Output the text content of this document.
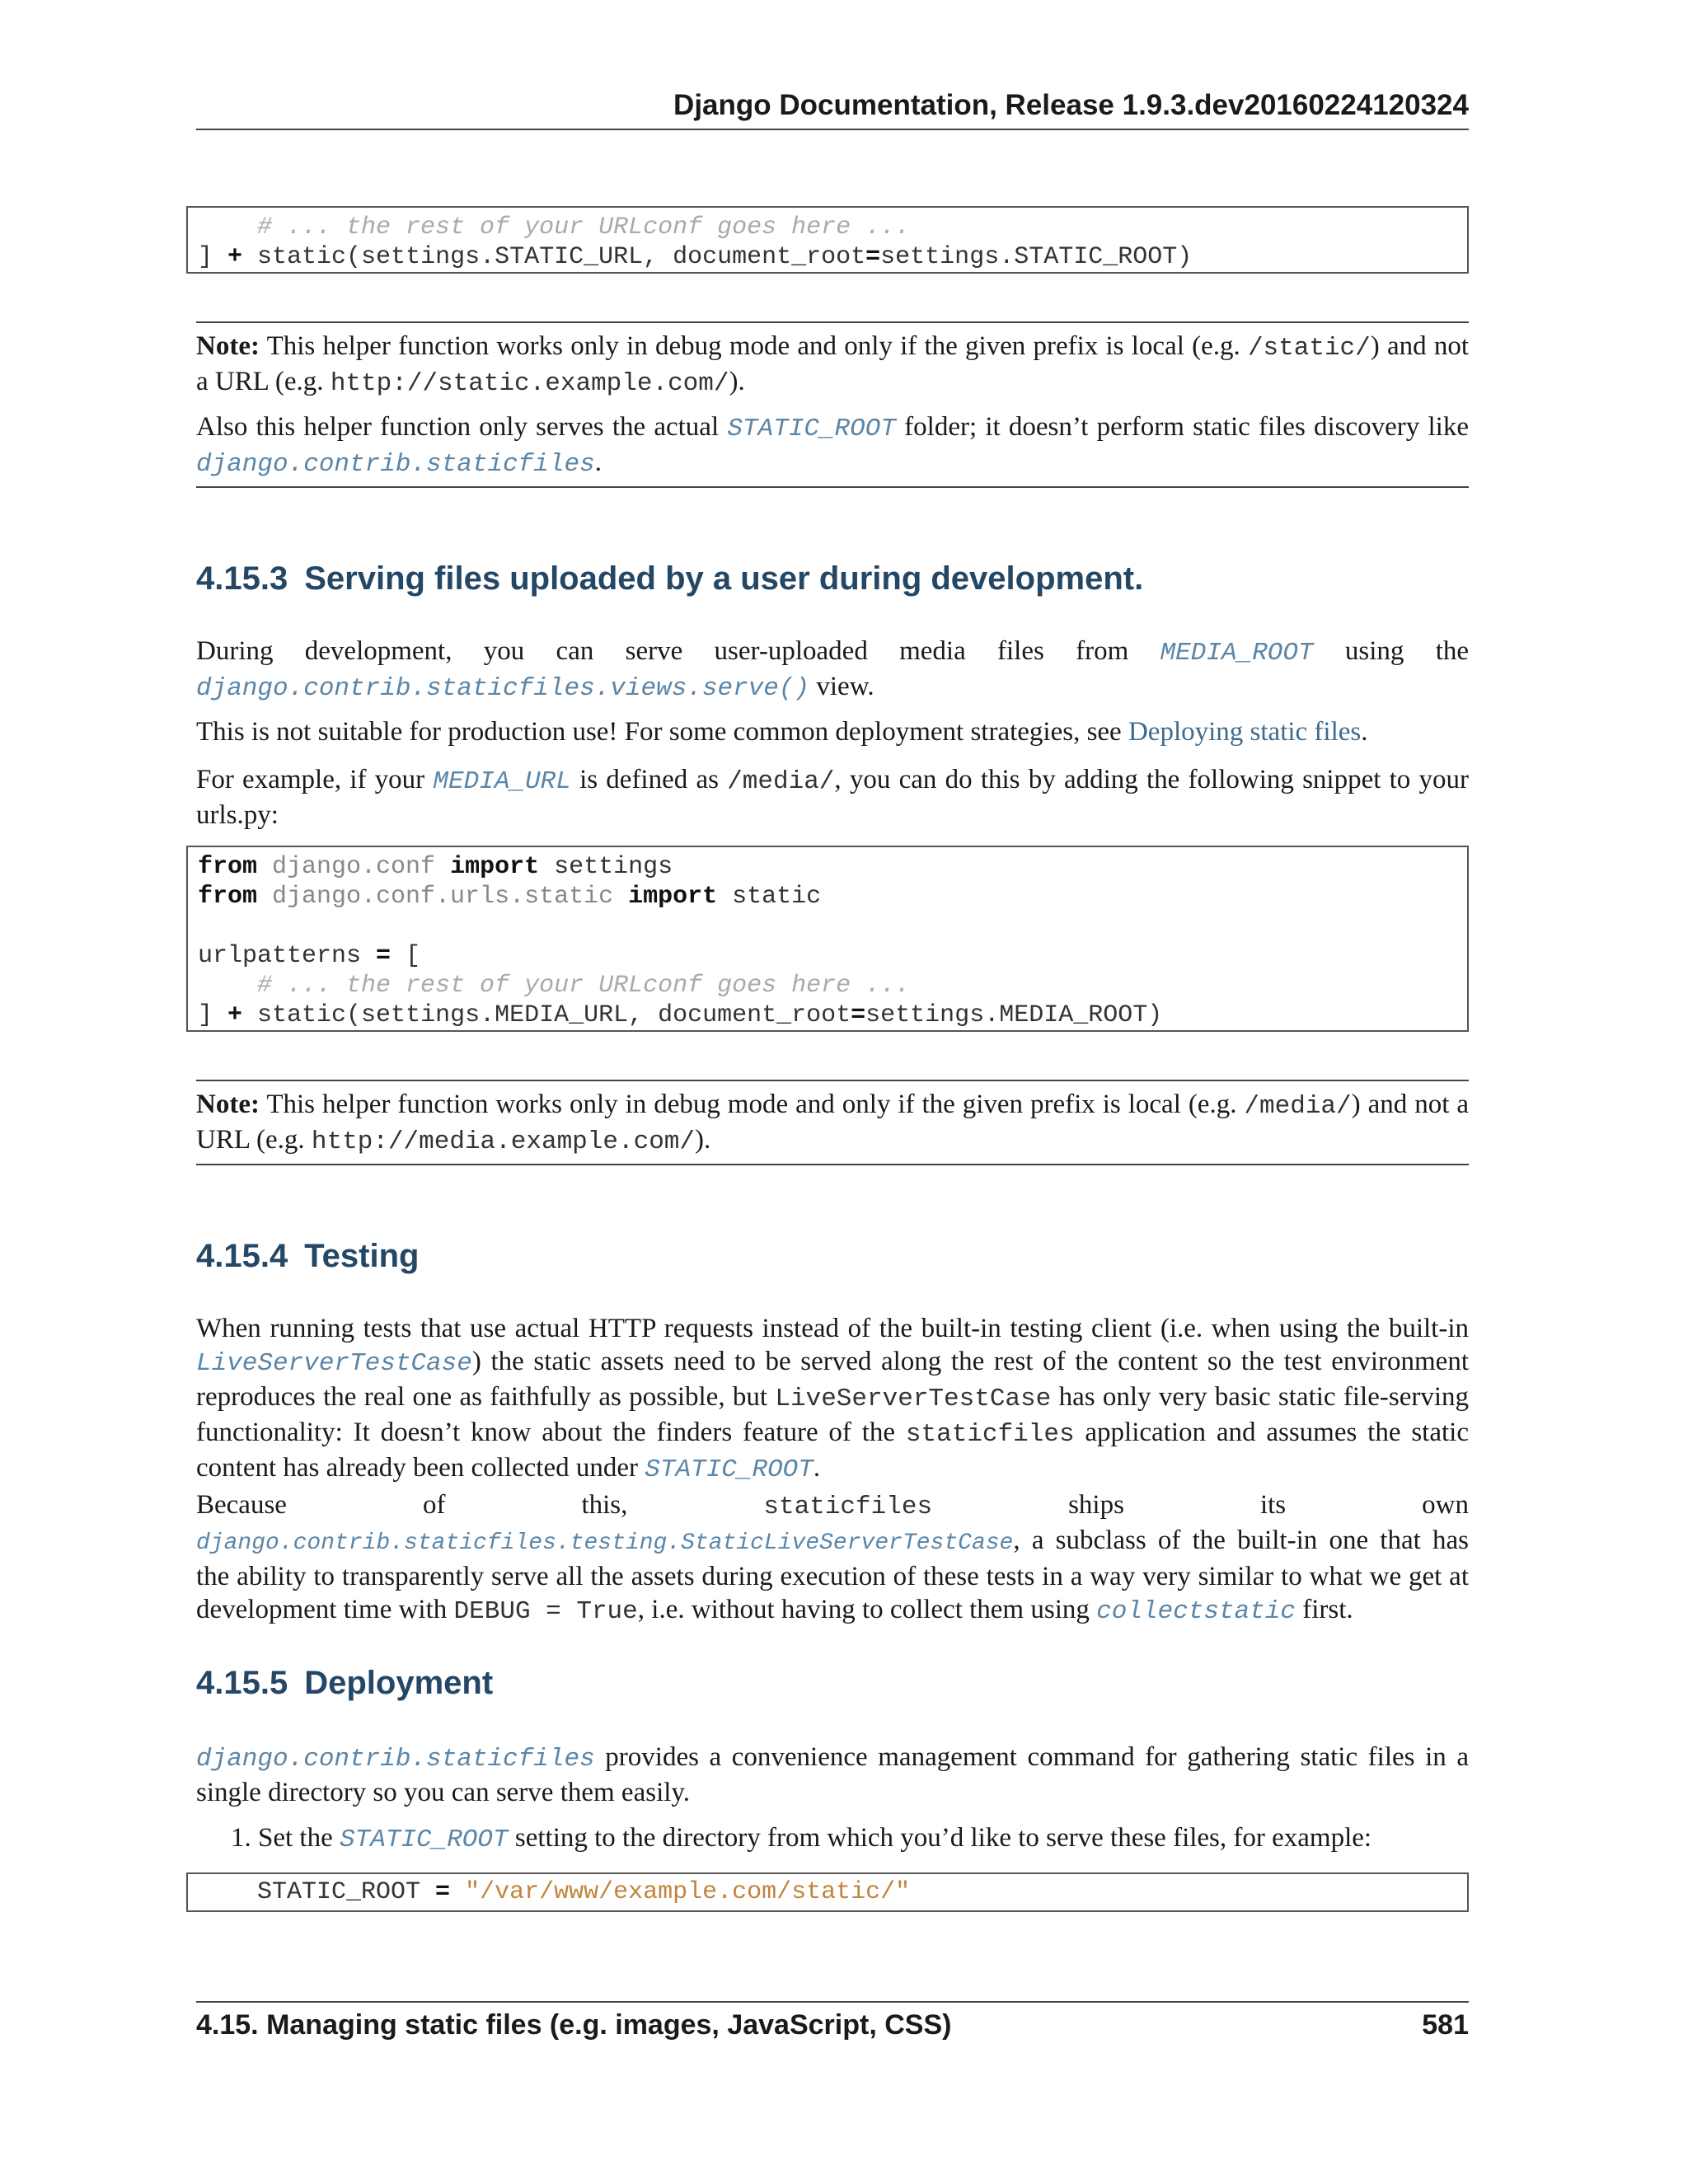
Django Documentation, Release 1.9.3.dev20160224120324
# ... the rest of your URLconf goes here ...
] + static(settings.STATIC_URL, document_root=settings.STATIC_ROOT)
Note: This helper function works only in debug mode and only if the given prefix is local (e.g. /static/) and not a URL (e.g. http://static.example.com/).
Also this helper function only serves the actual STATIC_ROOT folder; it doesn’t perform static files discovery like django.contrib.staticfiles.
4.15.3 Serving files uploaded by a user during development.
During development, you can serve user-uploaded media files from MEDIA_ROOT using the django.contrib.staticfiles.views.serve() view.
This is not suitable for production use! For some common deployment strategies, see Deploying static files.
For example, if your MEDIA_URL is defined as /media/, you can do this by adding the following snippet to your urls.py:
from django.conf import settings
from django.conf.urls.static import static

urlpatterns = [
# ... the rest of your URLconf goes here ...
] + static(settings.MEDIA_URL, document_root=settings.MEDIA_ROOT)
Note: This helper function works only in debug mode and only if the given prefix is local (e.g. /media/) and not a URL (e.g. http://media.example.com/).
4.15.4 Testing
When running tests that use actual HTTP requests instead of the built-in testing client (i.e. when using the built-in LiveServerTestCase) the static assets need to be served along the rest of the content so the test environment reproduces the real one as faithfully as possible, but LiveServerTestCase has only very basic static file-serving functionality: It doesn’t know about the finders feature of the staticfiles application and assumes the static content has already been collected under STATIC_ROOT.
Because of this, staticfiles ships its own django.contrib.staticfiles.testing.StaticLiveServerTestCase, a subclass of the built-in one that has the ability to transparently serve all the assets during execution of these tests in a way very similar to what we get at development time with DEBUG = True, i.e. without having to collect them using collectstatic first.
4.15.5 Deployment
django.contrib.staticfiles provides a convenience management command for gathering static files in a single directory so you can serve them easily.
1. Set the STATIC_ROOT setting to the directory from which you’d like to serve these files, for example:
STATIC_ROOT = "/var/www/example.com/static/"
4.15. Managing static files (e.g. images, JavaScript, CSS)	581
